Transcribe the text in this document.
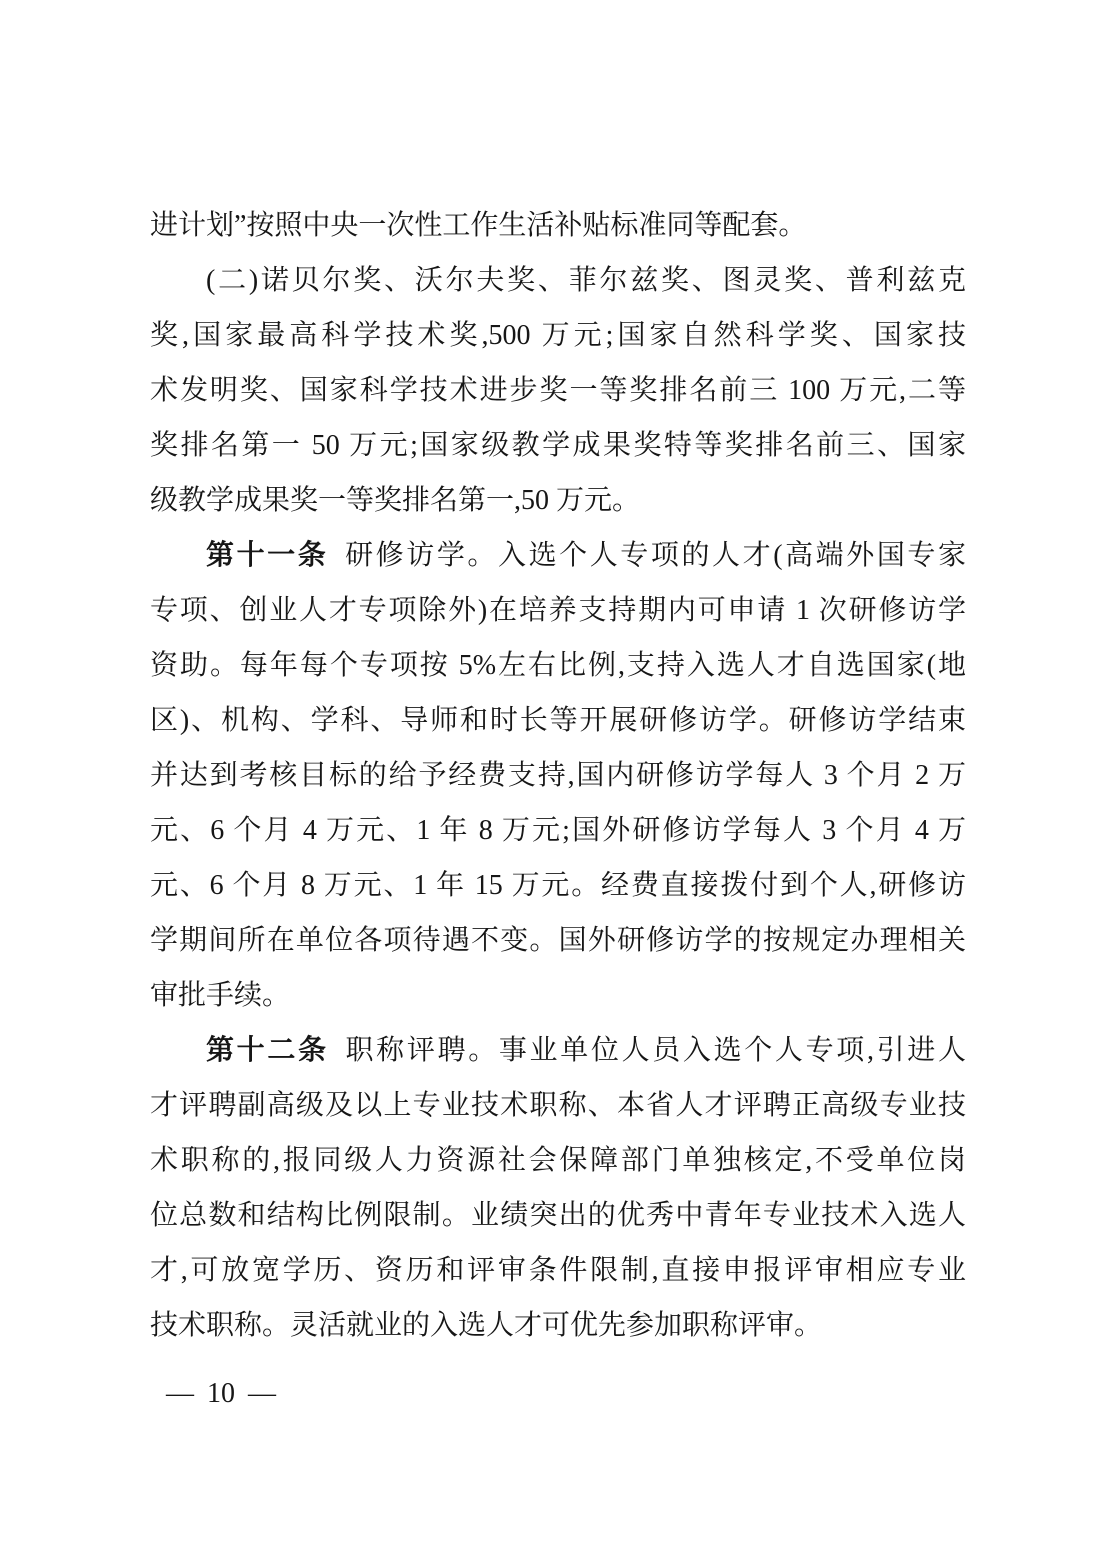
进计划”按照中央一次性工作生活补贴标准同等配套。
(二)诺贝尔奖、沃尔夫奖、菲尔兹奖、图灵奖、普利兹克
奖,国家最高科学技术奖,500 万元;国家自然科学奖、国家技
术发明奖、国家科学技术进步奖一等奖排名前三 100 万元,二等
奖排名第一 50 万元;国家级教学成果奖特等奖排名前三、国家
级教学成果奖一等奖排名第一,50 万元。
第十一条 研修访学。入选个人专项的人才(高端外国专家
专项、创业人才专项除外)在培养支持期内可申请 1 次研修访学
资助。每年每个专项按 5%左右比例,支持入选人才自选国家(地
区)、机构、学科、导师和时长等开展研修访学。研修访学结束
并达到考核目标的给予经费支持,国内研修访学每人 3 个月 2 万
元、6 个月 4 万元、1 年 8 万元;国外研修访学每人 3 个月 4 万
元、6 个月 8 万元、1 年 15 万元。经费直接拨付到个人,研修访
学期间所在单位各项待遇不变。国外研修访学的按规定办理相关
审批手续。
第十二条 职称评聘。事业单位人员入选个人专项,引进人
才评聘副高级及以上专业技术职称、本省人才评聘正高级专业技
术职称的,报同级人力资源社会保障部门单独核定,不受单位岗
位总数和结构比例限制。业绩突出的优秀中青年专业技术入选人
才,可放宽学历、资历和评审条件限制,直接申报评审相应专业
技术职称。灵活就业的入选人才可优先参加职称评审。
— 10 —
